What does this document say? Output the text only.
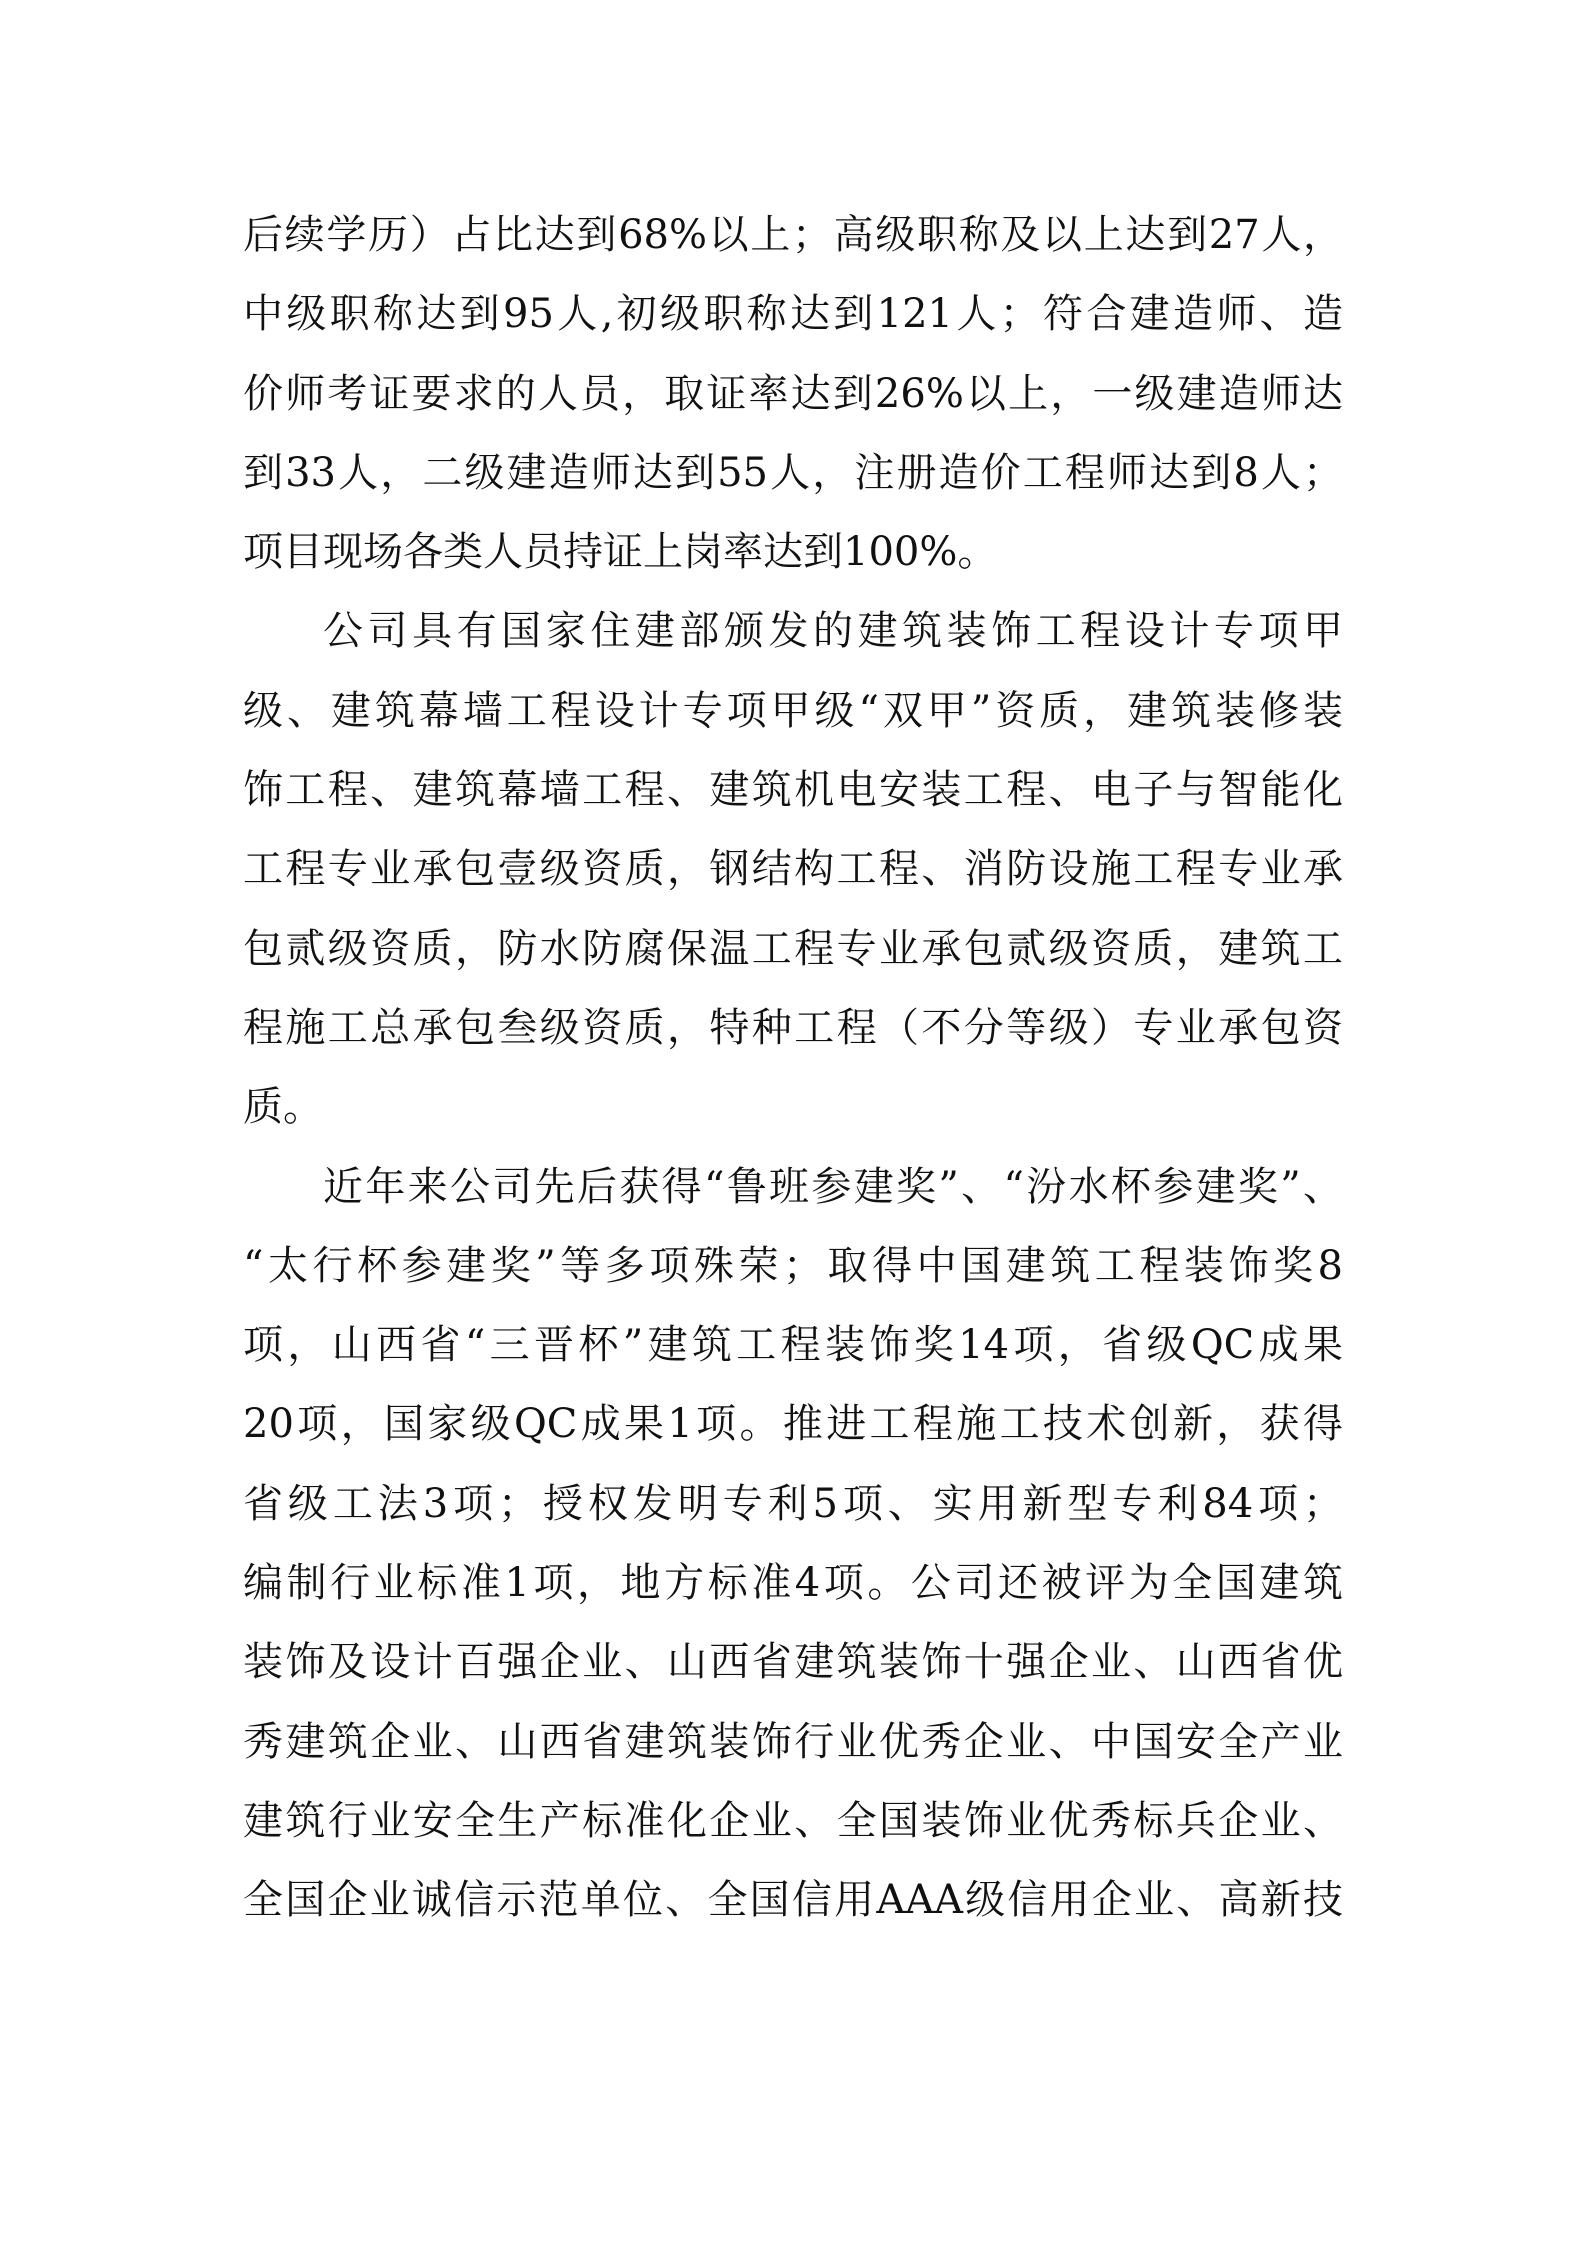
后续学历）占比达到68%以上；高级职称及以上达到27人，
中级职称达到95人,初级职称达到121人；符合建造师、造
价师考证要求的人员，取证率达到26%以上，一级建造师达
到33人，二级建造师达到55人，注册造价工程师达到8人；
项目现场各类人员持证上岗率达到100%。
公司具有国家住建部颁发的建筑装饰工程设计专项甲
级、建筑幕墙工程设计专项甲级“双甲”资质，建筑装修装
饰工程、建筑幕墙工程、建筑机电安装工程、电子与智能化
工程专业承包壹级资质，钢结构工程、消防设施工程专业承
包贰级资质，防水防腐保温工程专业承包贰级资质，建筑工
程施工总承包叁级资质，特种工程（不分等级）专业承包资
质。
近年来公司先后获得“鲁班参建奖”、“汾水杯参建奖”、
“太行杯参建奖”等多项殊荣；取得中国建筑工程装饰奖8
项，山西省“三晋杯”建筑工程装饰奖14项，省级QC成果
20项，国家级QC成果1项。推进工程施工技术创新，获得
省级工法3项；授权发明专利5项、实用新型专利84项；
编制行业标准1项，地方标准4项。公司还被评为全国建筑
装饰及设计百强企业、山西省建筑装饰十强企业、山西省优
秀建筑企业、山西省建筑装饰行业优秀企业、中国安全产业
建筑行业安全生产标准化企业、全国装饰业优秀标兵企业、
全国企业诚信示范单位、全国信用AAA级信用企业、高新技
